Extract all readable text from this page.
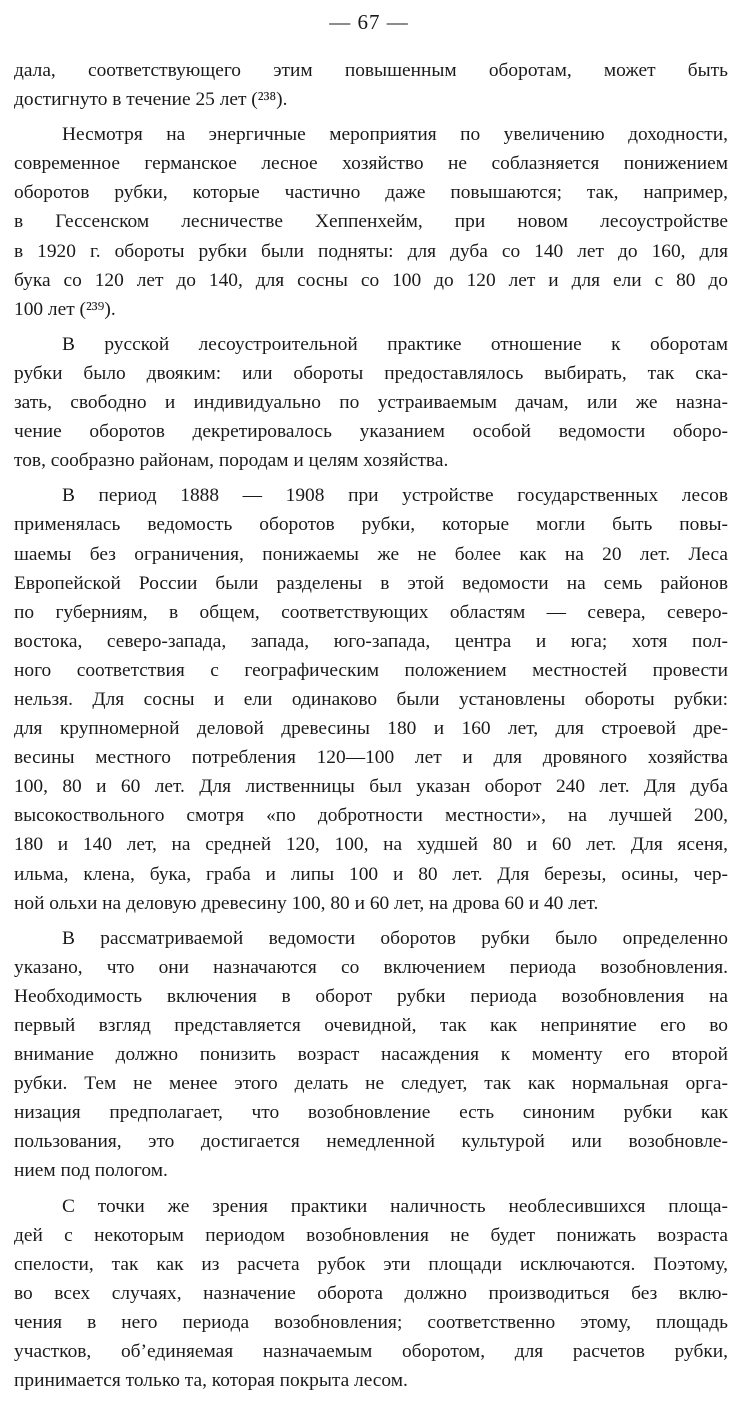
— 67 —
дала, соответствующего этим повышенным оборотам, может быть
достигнуто в течение 25 лет (²³⁸).
Несмотря на энергичные мероприятия по увеличению доходности,
современное германское лесное хозяйство не соблазняется понижением
оборотов рубки, которые частично даже повышаются; так, например,
в Гессенском лесничестве Хеппенхейм, при новом лесоустройстве
в 1920 г. обороты рубки были подняты: для дуба со 140 лет до 160, для
бука со 120 лет до 140, для сосны со 100 до 120 лет и для ели с 80 до
100 лет (²³⁹).
В русской лесоустроительной практике отношение к оборотам
рубки было двояким: или обороты предоставлялось выбирать, так ска-
зать, свободно и индивидуально по устраиваемым дачам, или же назна-
чение оборотов декретировалось указанием особой ведомости оборо-
тов, сообразно районам, породам и целям хозяйства.
В период 1888 — 1908 при устройстве государственных лесов
применялась ведомость оборотов рубки, которые могли быть повы-
шаемы без ограничения, понижаемы же не более как на 20 лет. Леса
Европейской России были разделены в этой ведомости на семь районов
по губерниям, в общем, соответствующих областям — севера, северо-
востока, северо-запада, запада, юго-запада, центра и юга; хотя пол-
ного соответствия с географическим положением местностей провести
нельзя. Для сосны и ели одинаково были установлены обороты рубки:
для крупномерной деловой древесины 180 и 160 лет, для строевой дре-
весины местного потребления 120—100 лет и для дровяного хозяйства
100, 80 и 60 лет. Для лиственницы был указан оборот 240 лет. Для дуба
высокоствольного смотря «по добротности местности», на лучшей 200,
180 и 140 лет, на средней 120, 100, на худшей 80 и 60 лет. Для ясеня,
ильма, клена, бука, граба и липы 100 и 80 лет. Для березы, осины, чер-
ной ольхи на деловую древесину 100, 80 и 60 лет, на дрова 60 и 40 лет.
В рассматриваемой ведомости оборотов рубки было определенно
указано, что они назначаются со включением периода возобновления.
Необходимость включения в оборот рубки периода возобновления на
первый взгляд представляется очевидной, так как непринятие его во
внимание должно понизить возраст насаждения к моменту его второй
рубки. Тем не менее этого делать не следует, так как нормальная орга-
низация предполагает, что возобновление есть синоним рубки как
пользования, это достигается немедленной культурой или возобновле-
нием под пологом.
С точки же зрения практики наличность необлесившихся площа-
дей с некоторым периодом возобновления не будет понижать возраста
спелости, так как из расчета рубок эти площади исключаются. Поэтому,
во всех случаях, назначение оборота должно производиться без вклю-
чения в него периода возобновления; соответственно этому, площадь
участков, об’единяемая назначаемым оборотом, для расчетов рубки,
принимается только та, которая покрыта лесом.
